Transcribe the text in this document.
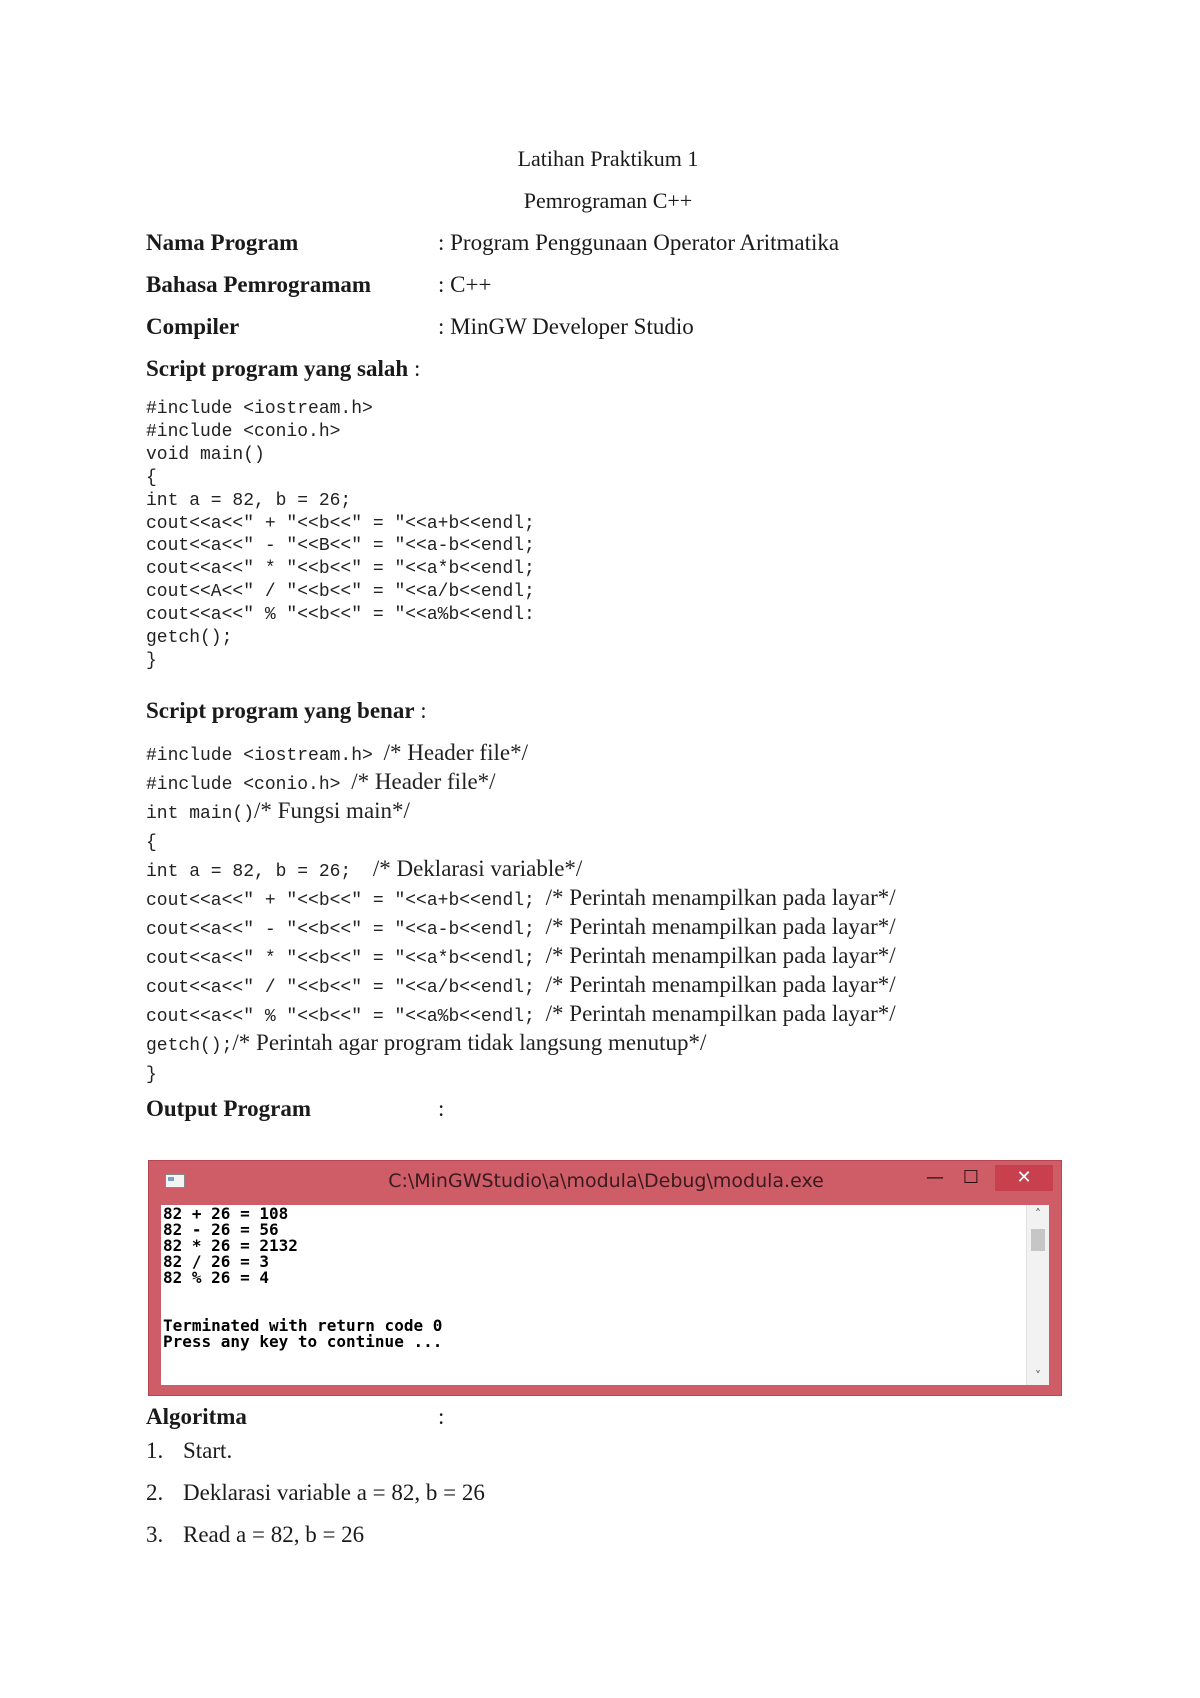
Latihan Praktikum 1
Pemrograman C++
Nama Program	: Program Penggunaan Operator Aritmatika
Bahasa Pemrogramam	: C++
Compiler	: MinGW Developer Studio
Script program yang salah :
#include <iostream.h>
#include <conio.h>
void main()
{
int a = 82, b = 26;
cout<<a<<" + "<<b<<" = "<<a+b<<endl;
cout<<a<<" - "<<B<<" = "<<a-b<<endl;
cout<<a<<" * "<<b<<" = "<<a*b<<endl;
cout<<A<<" / "<<b<<" = "<<a/b<<endl;
cout<<a<<" % "<<b<<" = "<<a%b<<endl:
getch();
}
Script program yang benar :
#include <iostream.h> /* Header file*/
#include <conio.h> /* Header file*/
int main()/* Fungsi main*/
{
int a = 82, b = 26;  /* Deklarasi variable*/
cout<<a<<" + "<<b<<" = "<<a+b<<endl; /* Perintah menampilkan pada layar*/
cout<<a<<" - "<<b<<" = "<<a-b<<endl; /* Perintah menampilkan pada layar*/
cout<<a<<" * "<<b<<" = "<<a*b<<endl; /* Perintah menampilkan pada layar*/
cout<<a<<" / "<<b<<" = "<<a/b<<endl; /* Perintah menampilkan pada layar*/
cout<<a<<" % "<<b<<" = "<<a%b<<endl; /* Perintah menampilkan pada layar*/
getch();/* Perintah agar program tidak langsung menutup*/
}
Output Program	:
C:\MinGWStudio\a\modula\Debug\modula.exe	—	☐	✕
82 + 26 = 108
82 - 26 = 56
82 * 26 = 2132
82 / 26 = 3
82 % 26 = 4
Terminated with return code 0
Press any key to continue ...
˄
˅
Algoritma	:
1. Start.
2. Deklarasi variable a = 82, b = 26
3. Read a = 82, b = 26
